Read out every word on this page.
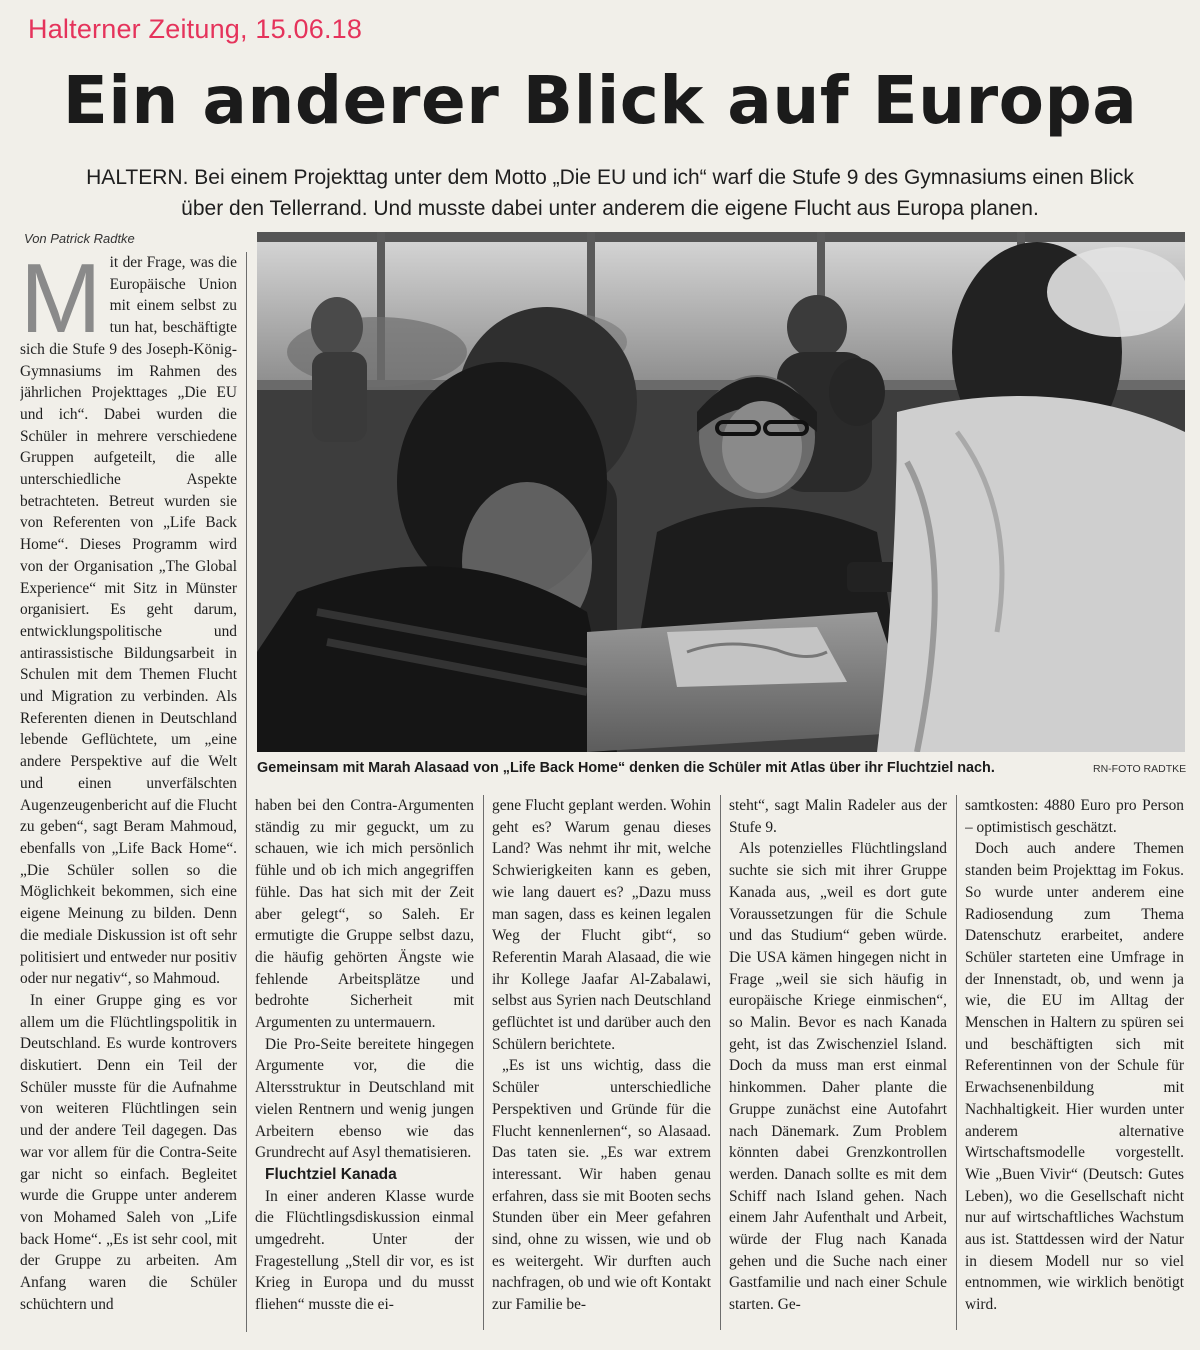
Halterner Zeitung, 15.06.18
Ein anderer Blick auf Europa

HALTERN. Bei einem Projekttag unter dem Motto „Die EU und ich“ warf die Stufe 9 des Gymnasiums einen Blick über den Tellerrand. Und musste dabei unter anderem die eigene Flucht aus Europa planen.

Von Patrick Radtke
M it der Frage, was die Europäische Union mit einem selbst zu tun hat, beschäftigte sich die Stufe 9 des Joseph-König-Gymnasiums im Rahmen des jährlichen Projekttages „Die EU und ich“. Dabei wurden die Schüler in mehrere verschiedene Gruppen aufgeteilt, die alle unterschiedliche Aspekte betrachteten. Betreut wurden sie von Referenten von „Life Back Home“. Dieses Programm wird von der Organisation „The Global Experience“ mit Sitz in Münster organisiert. Es geht darum, entwicklungspolitische und antirassistische Bildungsarbeit in Schulen mit dem Themen Flucht und Migration zu verbinden. Als Referenten dienen in Deutschland lebende Geflüchtete, um „eine andere Perspektive auf die Welt und einen unverfälschten Augenzeugenbericht auf die Flucht zu geben“, sagt Beram Mahmoud, ebenfalls von „Life Back Home“. „Die Schüler sollen so die Möglichkeit bekommen, sich eine eigene Meinung zu bilden. Denn die mediale Diskussion ist oft sehr politisiert und entweder nur positiv oder nur negativ“, so Mahmoud.

In einer Gruppe ging es vor allem um die Flüchtlingspolitik in Deutschland. Es wurde kontrovers diskutiert. Denn ein Teil der Schüler musste für die Aufnahme von weiteren Flüchtlingen sein und der andere Teil dagegen. Das war vor allem für die Contra-Seite gar nicht so einfach. Begleitet wurde die Gruppe unter anderem von Mohamed Saleh von „Life back Home“. „Es ist sehr cool, mit der Gruppe zu arbeiten. Am Anfang waren die Schüler schüchtern und

Gemeinsam mit Marah Alasaad von „Life Back Home“ denken die Schüler mit Atlas über ihr Fluchtziel nach.	RN-FOTO RADTKE

haben bei den Contra-Argumenten ständig zu mir geguckt, um zu schauen, wie ich mich persönlich fühle und ob ich mich angegriffen fühle. Das hat sich mit der Zeit aber gelegt“, so Saleh. Er ermutigte die Gruppe selbst dazu, die häufig gehörten Ängste wie fehlende Arbeitsplätze und bedrohte Sicherheit mit Argumenten zu untermauern.

Die Pro-Seite bereitete hingegen Argumente vor, die die Altersstruktur in Deutschland mit vielen Rentnern und wenig jungen Arbeitern ebenso wie das Grundrecht auf Asyl thematisieren.

Fluchtziel Kanada

In einer anderen Klasse wurde die Flüchtlingsdiskussion einmal umgedreht. Unter der Fragestellung „Stell dir vor, es ist Krieg in Europa und du musst fliehen“ musste die ei-

gene Flucht geplant werden. Wohin geht es? Warum genau dieses Land? Was nehmt ihr mit, welche Schwierigkeiten kann es geben, wie lang dauert es? „Dazu muss man sagen, dass es keinen legalen Weg der Flucht gibt“, so Referentin Marah Alasaad, die wie ihr Kollege Jaafar Al-Zabalawi, selbst aus Syrien nach Deutschland geflüchtet ist und darüber auch den Schülern berichtete.

„Es ist uns wichtig, dass die Schüler unterschiedliche Perspektiven und Gründe für die Flucht kennenlernen“, so Alasaad. Das taten sie. „Es war extrem interessant. Wir haben genau erfahren, dass sie mit Booten sechs Stunden über ein Meer gefahren sind, ohne zu wissen, wie und ob es weitergeht. Wir durften auch nachfragen, ob und wie oft Kontakt zur Familie be-

steht“, sagt Malin Radeler aus der Stufe 9.

Als potenzielles Flüchtlingsland suchte sie sich mit ihrer Gruppe Kanada aus, „weil es dort gute Voraussetzungen für die Schule und das Studium“ geben würde. Die USA kämen hingegen nicht in Frage „weil sie sich häufig in europäische Kriege einmischen“, so Malin. Bevor es nach Kanada geht, ist das Zwischenziel Island. Doch da muss man erst einmal hinkommen. Daher plante die Gruppe zunächst eine Autofahrt nach Dänemark. Zum Problem könnten dabei Grenzkontrollen werden. Danach sollte es mit dem Schiff nach Island gehen. Nach einem Jahr Aufenthalt und Arbeit, würde der Flug nach Kanada gehen und die Suche nach einer Gastfamilie und nach einer Schule starten. Ge-

samtkosten: 4880 Euro pro Person – optimistisch geschätzt.

Doch auch andere Themen standen beim Projekttag im Fokus. So wurde unter anderem eine Radiosendung zum Thema Datenschutz erarbeitet, andere Schüler starteten eine Umfrage in der Innenstadt, ob, und wenn ja wie, die EU im Alltag der Menschen in Haltern zu spüren sei und beschäftigten sich mit Referentinnen von der Schule für Erwachsenenbildung mit Nachhaltigkeit. Hier wurden unter anderem alternative Wirtschaftsmodelle vorgestellt. Wie „Buen Vivir“ (Deutsch: Gutes Leben), wo die Gesellschaft nicht nur auf wirtschaftliches Wachstum aus ist. Stattdessen wird der Natur in diesem Modell nur so viel entnommen, wie wirklich benötigt wird.
